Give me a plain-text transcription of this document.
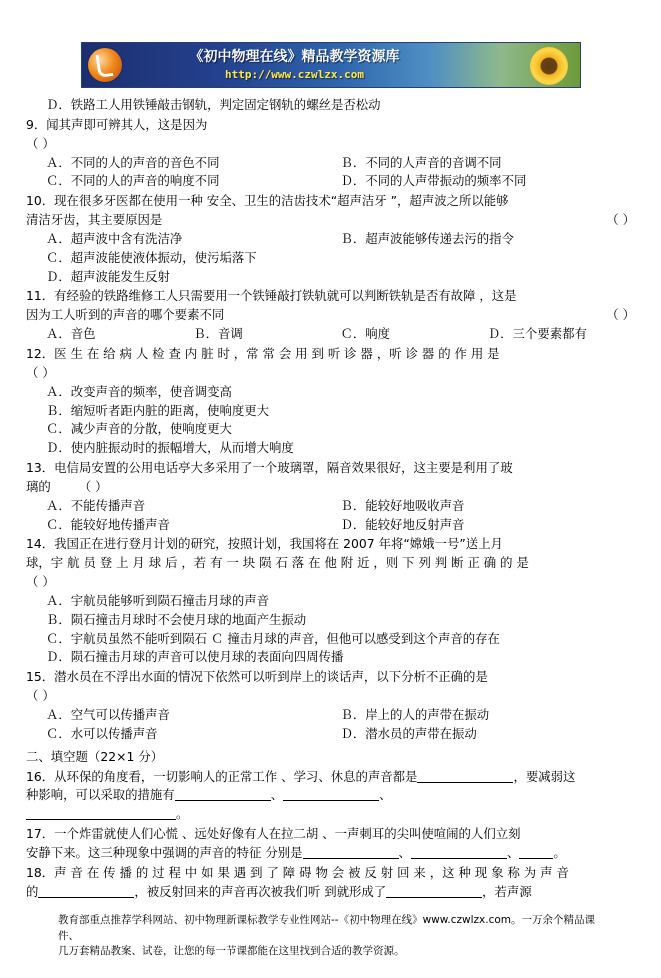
《初中物理在线》精品教学资源库
http://www.czwlzx.com
Ｄ．铁路工人用铁锤敲击钢轨，判定固定钢轨的螺丝是否松动
9．闻其声即可辨其人，这是因为
（ ）
Ａ．不同的人的声音的音色不同	Ｂ．不同的人声音的音调不同
Ｃ．不同的人的声音的响度不同	Ｄ．不同的人声带振动的频率不同
10．现在很多牙医都在使用一种 安全、卫生的洁齿技术“超声洁牙 ”，超声波之所以能够
清洁牙齿，其主要原因是	（ ）
Ａ．超声波中含有洗洁净	Ｂ．超声波能够传递去污的指令
Ｃ．超声波能使液体振动，使污垢落下
Ｄ．超声波能发生反射
11．有经验的铁路维修工人只需要用一个铁锤敲打铁轨就可以判断铁轨是否有故障 ，这是
因为工人听到的声音的哪个要素不同	（ ）
Ａ．音色	Ｂ．音调	Ｃ．响度	Ｄ．三个要素都有
12．医 生 在 给 病 人 检 查 内 脏 时 ，常 常 会 用 到 听 诊 器 ，听 诊 器 的 作 用 是
（ ）
Ａ．改变声音的频率，使音调变高
Ｂ．缩短听者距内脏的距离，使响度更大
Ｃ．减少声音的分散，使响度更大
Ｄ．使内脏振动时的振幅增大，从而增大响度
13．电信局安置的公用电话亭大多采用了一个玻璃罩，隔音效果很好，这主要是利用了玻
璃的 （ ）
Ａ．不能传播声音	Ｂ．能较好地吸收声音
Ｃ．能较好地传播声音	Ｄ．能较好地反射声音
14．我国正在进行登月计划的研究，按照计划，我国将在 2007 年将“嫦娥一号”送上月
球，宇 航 员 登 上 月 球 后 ，若 有 一 块 陨 石 落 在 他 附 近 ，则 下 列 判 断 正 确 的 是
（ ）
Ａ．宇航员能够听到陨石撞击月球的声音
Ｂ．陨石撞击月球时不会使月球的地面产生振动
Ｃ．宇航员虽然不能听到陨石 Ｃ 撞击月球的声音，但他可以感受到这个声音的存在
Ｄ．陨石撞击月球的声音可以使月球的表面向四周传播
15．潜水员在不浮出水面的情况下依然可以听到岸上的谈话声，以下分析不正确的是
（ ）
Ａ．空气可以传播声音	Ｂ．岸上的人的声带在振动
Ｃ．水可以传播声音	Ｄ．潜水员的声带在振动
二、填空题（22×1 分）
16．从环保的角度看，一切影响人的正常工作 、学习、休息的声音都是	，要减弱这
种影响，可以采取的措施有	、	、
。
17．一个炸雷就使人们心慌 、远处好像有人在拉二胡 、一声刺耳的尖叫使喧闹的人们立刻
安静下来。这三种现象中强调的声音的特征 分别是	、	、	。
18．声 音 在 传 播 的 过 程 中 如 果 遇 到 了 障 碍 物 会 被 反 射 回 来 ，这 种 现 象 称 为 声 音
的	，被反射回来的声音再次被我们听 到就形成了	，若声源
教育部重点推荐学科网站、初中物理新课标教学专业性网站--《初中物理在线》www.czwlzx.com。一万余个精品课件、
几万套精品教案、试卷，让您的每一节课都能在这里找到合适的教学资源。
